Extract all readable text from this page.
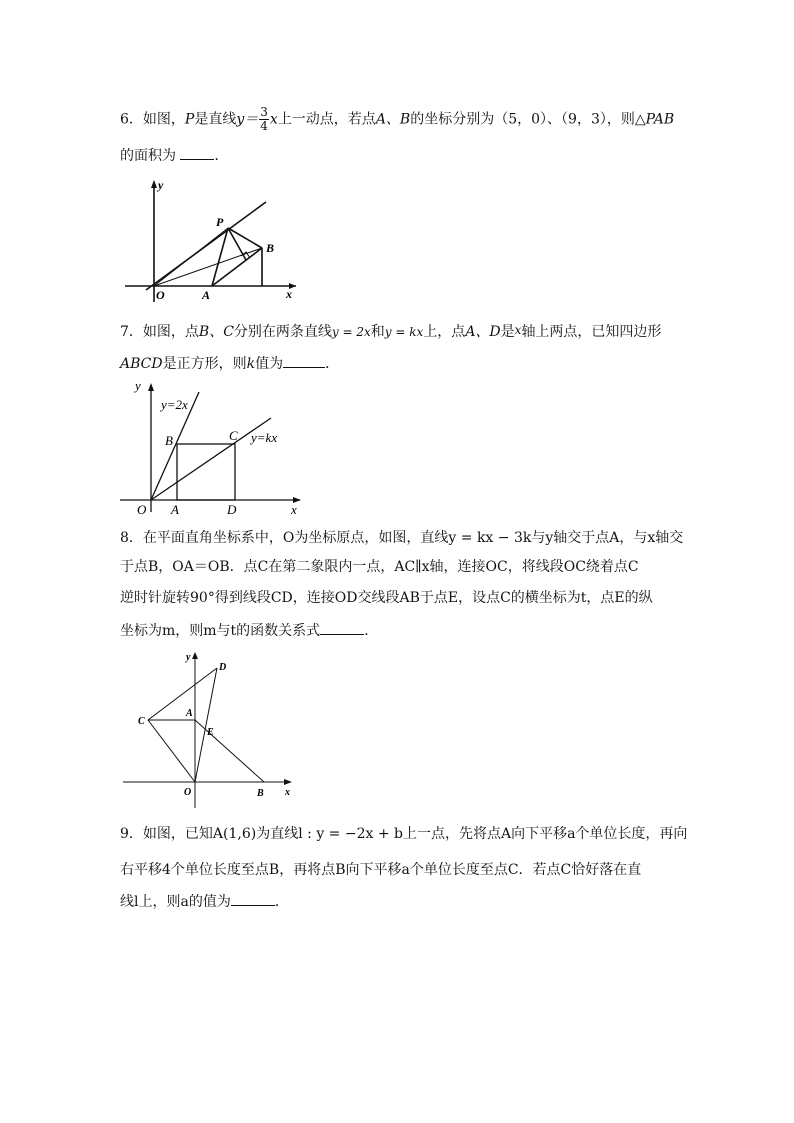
6．如图，P是直线$y= \frac{3}{4}$ x上一动点，若点A、B的坐标分别为（5，0）、（9，3），则△PAB
的面积为	．
y
x
O	A
P
B
7．如图，点B、C分别在两条直线y = 2x和y = kx上，点A、D是x轴上两点，已知四边形
ABCD是正方形，则k值为	．
y
x
O A	D
B	C
y=2x
y=kx
8．在平面直角坐标系中，O为坐标原点，如图，直线y = kx − 3k与y轴交于点A，与x轴交
于点B，OA＝OB．点C在第二象限内一点，AC∥x轴，连接OC，将线段OC绕着点C
逆时针旋转90°得到线段CD，连接OD交线段AB于点E，设点C的横坐标为t，点E的纵
坐标为m，则m与t的函数关系式	．
y
x
O	B
C
A
D
E
9．如图，已知A(1,6)为直线l : y = −2x + b上一点，先将点A向下平移a个单位长度，再向
右平移4个单位长度至点B，再将点B向下平移a个单位长度至点C．若点C恰好落在直
线l上，则a的值为	．
